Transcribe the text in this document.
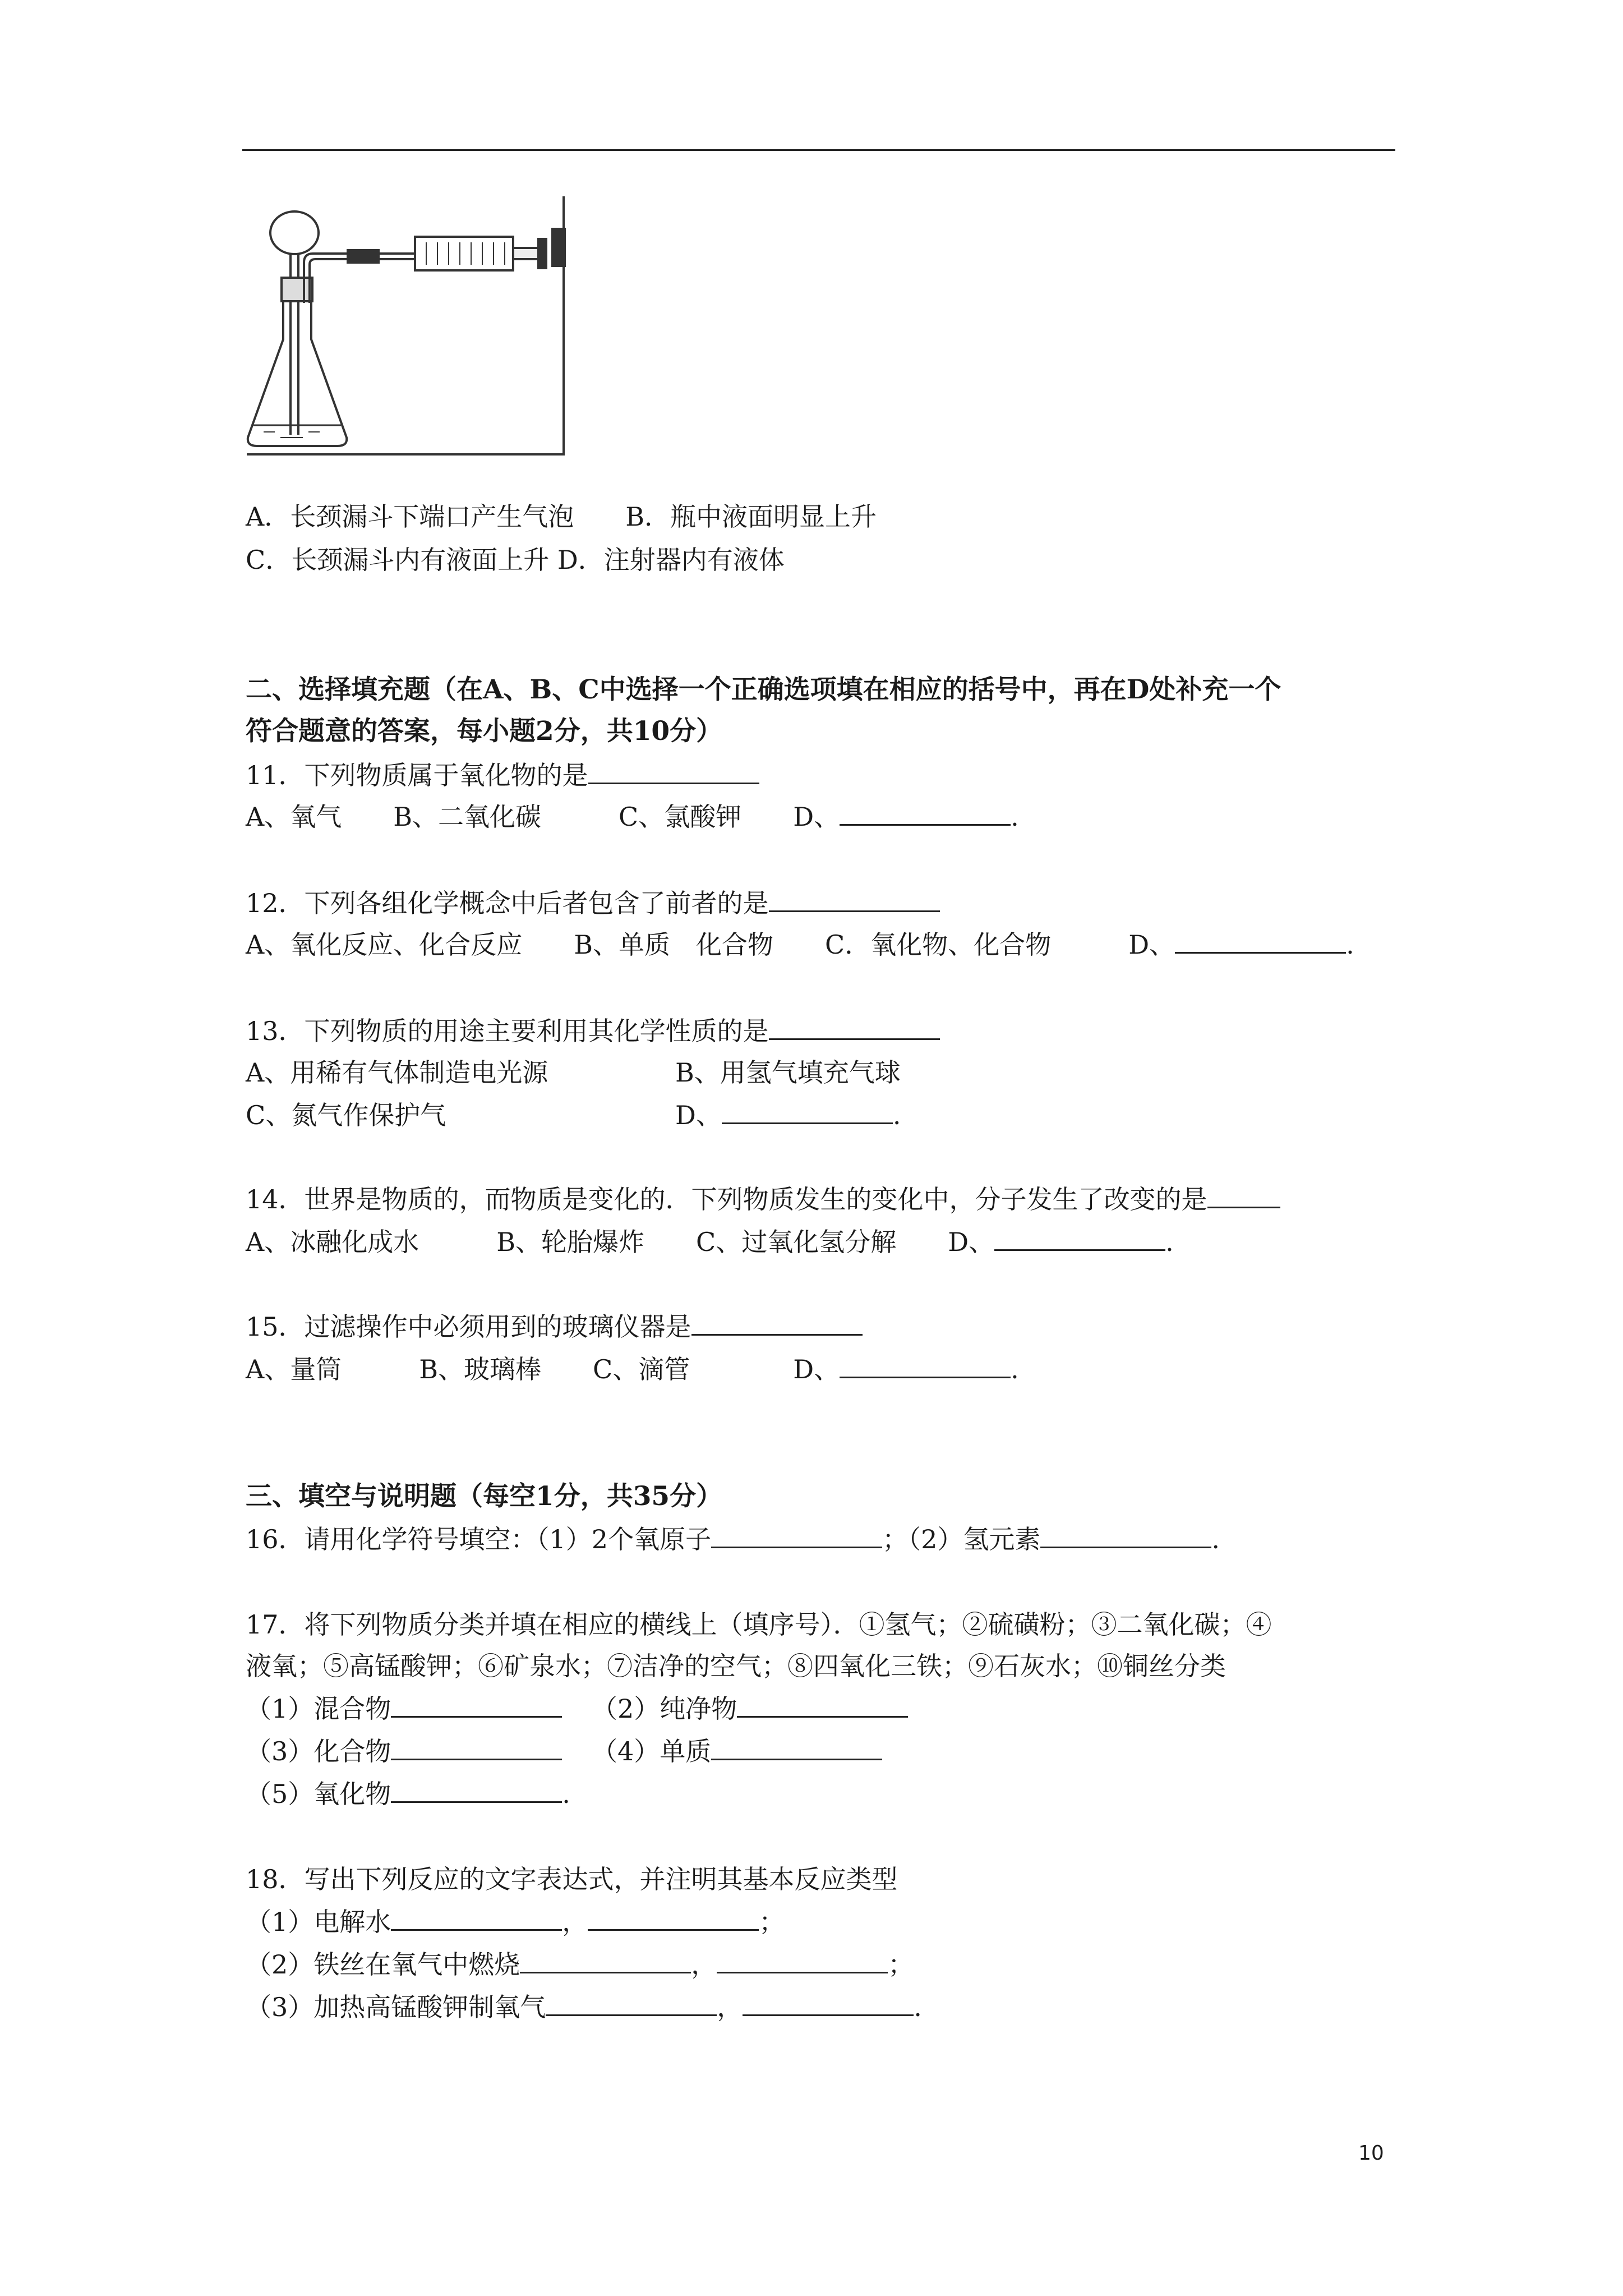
A．长颈漏斗下端口产生气泡　　B．瓶中液面明显上升
C．长颈漏斗内有液面上升 D．注射器内有液体
二、选择填充题（在A、B、C中选择一个正确选项填在相应的括号中，再在D处补充一个
符合题意的答案，每小题2分，共10分）
11．下列物质属于氧化物的是
A、氧气　　B、二氧化碳　　　C、氯酸钾　　D、	.
12．下列各组化学概念中后者包含了前者的是
A、氧化反应、化合反应　　B、单质　化合物　　C．氧化物、化合物　　　D、	.
13．下列物质的用途主要利用其化学性质的是
A、用稀有气体制造电光源	B、用氢气填充气球
C、氮气作保护气	D、	.
14．世界是物质的，而物质是变化的．下列物质发生的变化中，分子发生了改变的是
A、冰融化成水　　　B、轮胎爆炸　　C、过氧化氢分解　　D、	.
15．过滤操作中必须用到的玻璃仪器是
A、量筒　　　B、玻璃棒　　C、滴管　　　　D、	.
三、填空与说明题（每空1分，共35分）
16．请用化学符号填空：（1）2个氧原子	；（2）氢元素	.
17．将下列物质分类并填在相应的横线上（填序号）．①氢气；②硫磺粉；③二氧化碳；④
液氧；⑤高锰酸钾；⑥矿泉水；⑦洁净的空气；⑧四氧化三铁；⑨石灰水；⑩铜丝分类
（1）混合物	（2）纯净物
（3）化合物	（4）单质
（5）氧化物	.
18．写出下列反应的文字表达式，并注明其基本反应类型
（1）电解水	，	；
（2）铁丝在氧气中燃烧	，	；
（3）加热高锰酸钾制氧气	，	.
10
